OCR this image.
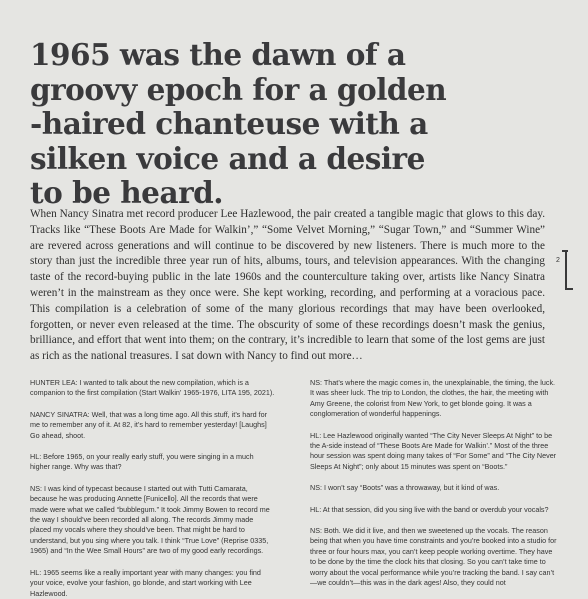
1965 was the dawn of a
groovy epoch for a golden
-haired chanteuse with a
silken voice and a desire
to be heard.
When Nancy Sinatra met record producer Lee Hazlewood, the pair created a tangible magic that glows to this day. Tracks like “These Boots Are Made for Walkin’,” “Some Velvet Morning,” “Sugar Town,” and “Summer Wine” are revered across generations and will continue to be discovered by new listeners. There is much more to the story than just the incredible three year run of hits, albums, tours, and television appearances. With the changing taste of the record-buying public in the late 1960s and the counterculture taking over, artists like Nancy Sinatra weren’t in the mainstream as they once were. She kept working, recording, and performing at a voracious pace. This compilation is a celebration of some of the many glorious recordings that may have been overlooked, forgotten, or never even released at the time. The obscurity of some of these recordings doesn’t mask the genius, brilliance, and effort that went into them; on the contrary, it’s incredible to learn that some of the lost gems are just as rich as the national treasures. I sat down with Nancy to find out more…
2

HUNTER LEA: I wanted to talk about the new compilation, which is a companion to the first compilation (Start Walkin’ 1965-1976, LITA 195, 2021).

NANCY SINATRA: Well, that was a long time ago. All this stuff, it’s hard for me to remember any of it. At 82, it’s hard to remember yesterday! [Laughs] Go ahead, shoot.

HL: Before 1965, on your really early stuff, you were singing in a much higher range. Why was that?

NS: I was kind of typecast because I started out with Tutti Camarata, because he was producing Annette [Funicello]. All the records that were made were what we called “bubblegum.” It took Jimmy Bowen to record me the way I should’ve been recorded all along. The records Jimmy made placed my vocals where they should’ve been. That might be hard to understand, but you sing where you talk. I think “True Love” (Reprise 0335, 1965) and “In the Wee Small Hours” are two of my good early recordings.

HL: 1965 seems like a really important year with many changes: you find your voice, evolve your fashion, go blonde, and start working with Lee Hazlewood.

NS: That’s where the magic comes in, the unexplainable, the timing, the luck. It was sheer luck. The trip to London, the clothes, the hair, the meeting with Amy Greene, the colorist from New York, to get blonde going. It was a conglomeration of wonderful happenings.

HL: Lee Hazlewood originally wanted “The City Never Sleeps At Night” to be the A-side instead of “These Boots Are Made for Walkin’.” Most of the three hour session was spent doing many takes of “For Some” and “The City Never Sleeps At Night”; only about 15 minutes was spent on “Boots.”

NS: I won’t say “Boots” was a throwaway, but it kind of was.

HL: At that session, did you sing live with the band or overdub your vocals?

NS: Both. We did it live, and then we sweetened up the vocals. The reason being that when you have time constraints and you’re booked into a studio for three or four hours max, you can’t keep people working overtime. They have to be done by the time the clock hits that closing. So you can’t take time to worry about the vocal performance while you’re tracking the band. I say can’t—we couldn’t—this was in the dark ages! Also, they could not
